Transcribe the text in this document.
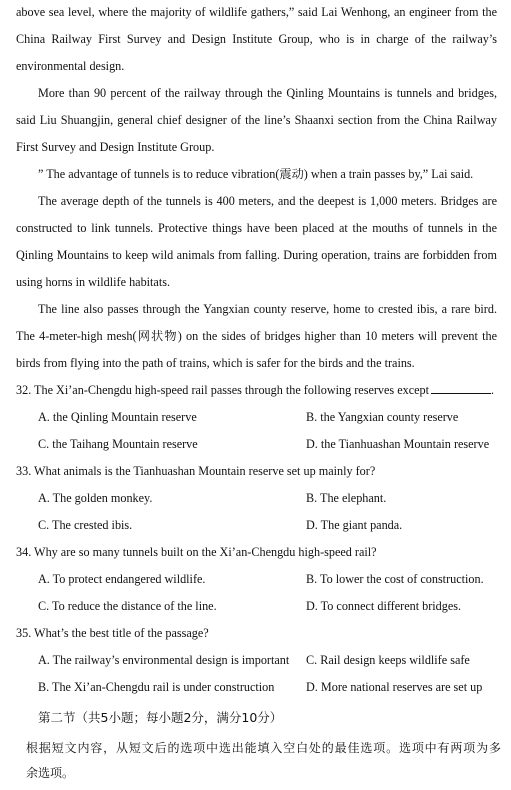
above sea level, where the majority of wildlife gathers,” said Lai Wenhong, an engineer from the
China Railway First Survey and Design Institute Group, who is in charge of the railway’s
environmental design.
More than 90 percent of the railway through the Qinling Mountains is tunnels and bridges,
said Liu Shuangjin, general chief designer of the line’s Shaanxi section from the China Railway
First Survey and Design Institute Group.
” The advantage of tunnels is to reduce vibration(震动) when a train passes by,” Lai said.
The average depth of the tunnels is 400 meters, and the deepest is 1,000 meters. Bridges are
constructed to link tunnels. Protective things have been placed at the mouths of tunnels in the
Qinling Mountains to keep wild animals from falling. During operation, trains are forbidden from
using horns in wildlife habitats.
The line also passes through the Yangxian county reserve, home to crested ibis, a rare bird.
The 4-meter-high mesh(网状物) on the sides of bridges higher than 10 meters will prevent the
birds from flying into the path of trains, which is safer for the birds and the trains.
32. The Xi’an-Chengdu high-speed rail passes through the following reserves except	.
A. the Qinling Mountain reserve	B. the Yangxian county reserve
C. the Taihang Mountain reserve	D. the Tianhuashan Mountain reserve
33. What animals is the Tianhuashan Mountain reserve set up mainly for?
A. The golden monkey.	B. The elephant.
C. The crested ibis.	D. The giant panda.
34. Why are so many tunnels built on the Xi’an-Chengdu high-speed rail?
A. To protect endangered wildlife.	B. To lower the cost of construction.
C. To reduce the distance of the line.	D. To connect different bridges.
35. What’s the best title of the passage?
A. The railway’s environmental design is important C. Rail design keeps wildlife safe
B. The Xi’an-Chengdu rail is under construction	D. More national reserves are set up
第二节（共5小题；每小题2分，满分10分）
根据短文内容，从短文后的选项中选出能填入空白处的最佳选项。选项中有两项为多
余选项。
